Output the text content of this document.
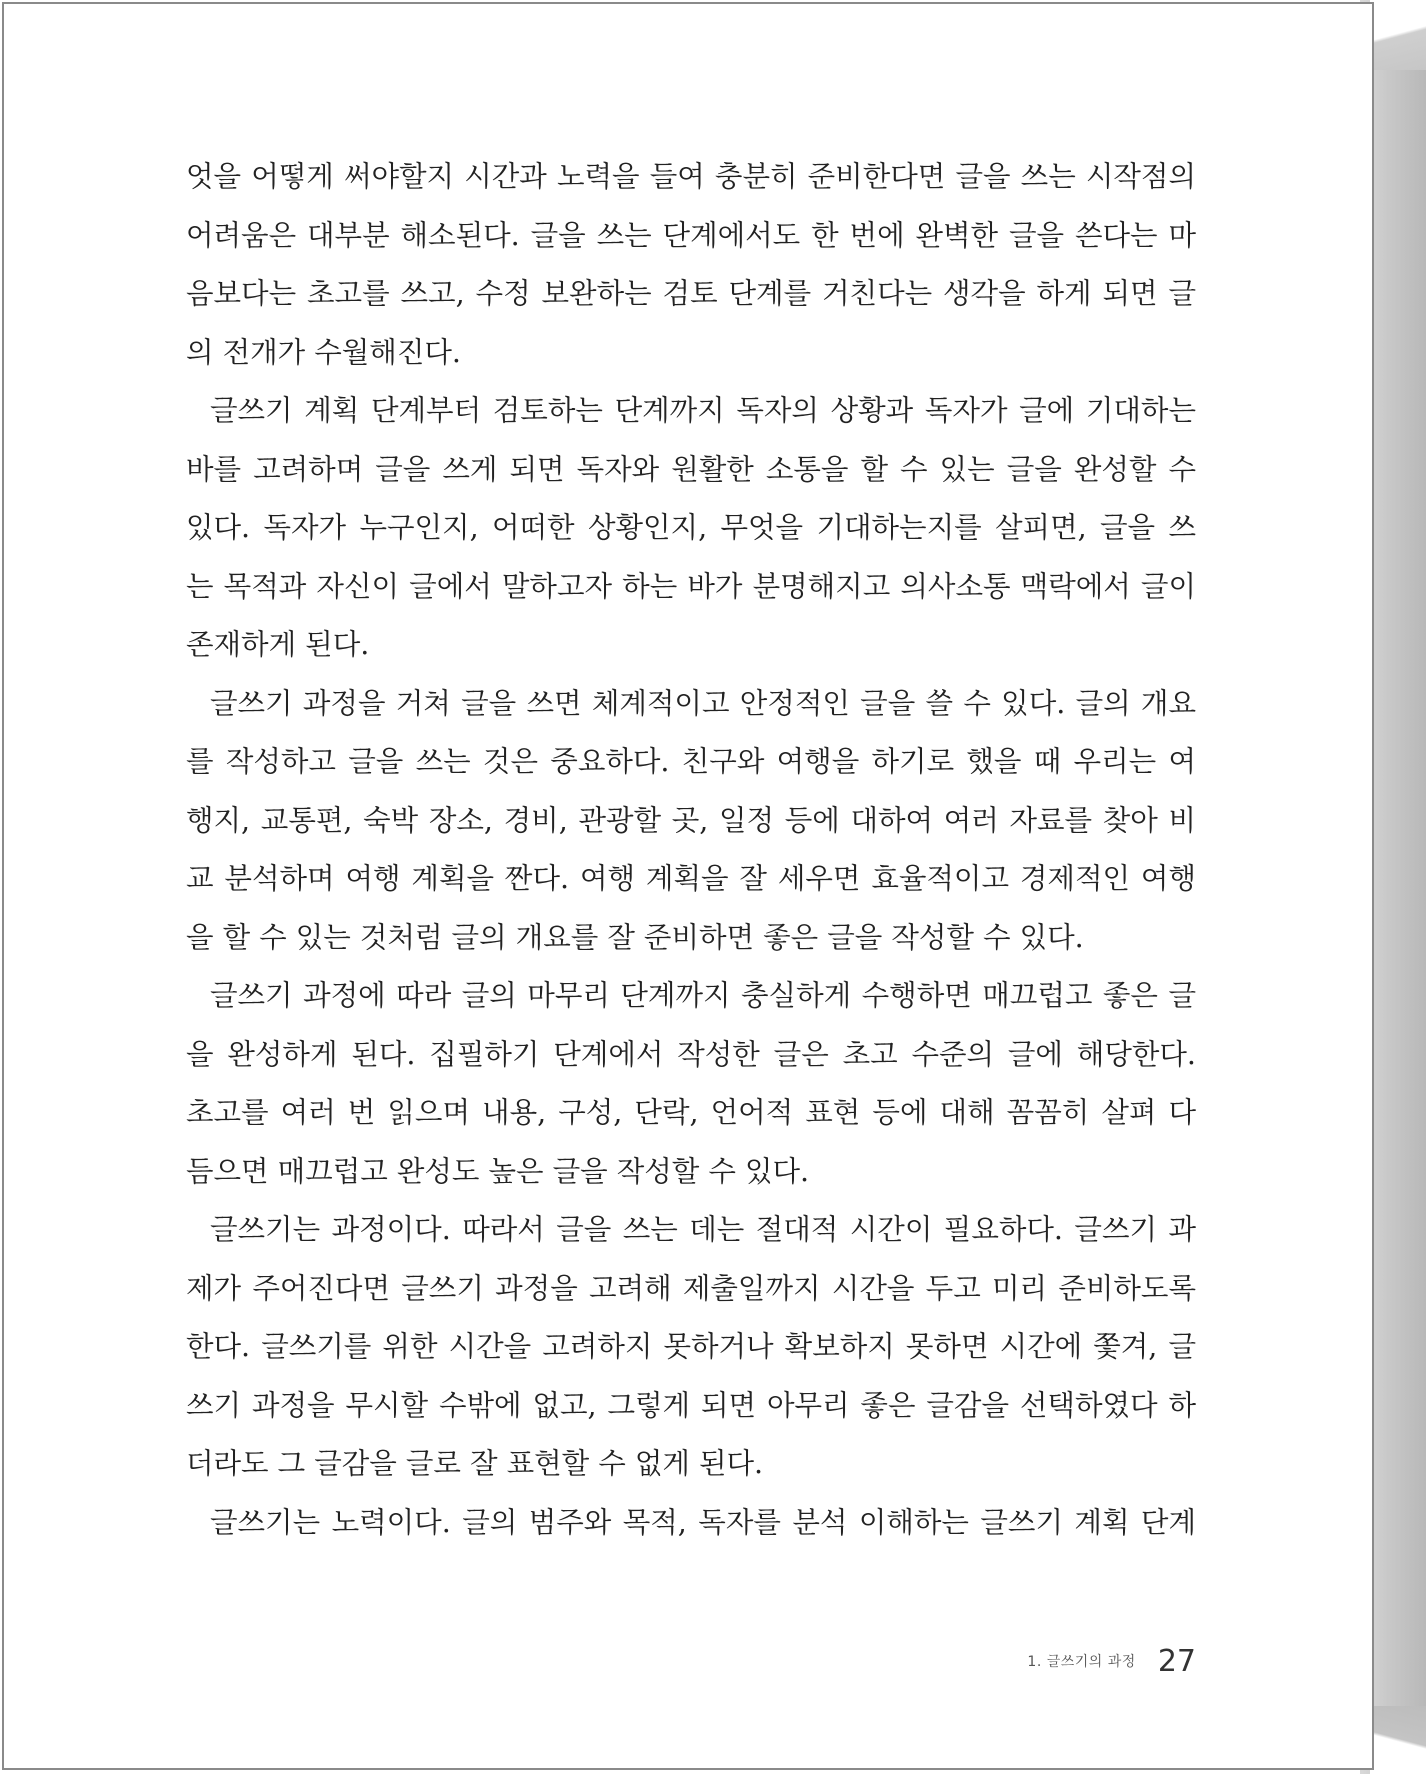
엇을 어떻게 써야할지 시간과 노력을 들여 충분히 준비한다면 글을 쓰는 시작점의
어려움은 대부분 해소된다. 글을 쓰는 단계에서도 한 번에 완벽한 글을 쓴다는 마
음보다는 초고를 쓰고, 수정 보완하는 검토 단계를 거친다는 생각을 하게 되면 글
의 전개가 수월해진다.
글쓰기 계획 단계부터 검토하는 단계까지 독자의 상황과 독자가 글에 기대하는
바를 고려하며 글을 쓰게 되면 독자와 원활한 소통을 할 수 있는 글을 완성할 수
있다. 독자가 누구인지, 어떠한 상황인지, 무엇을 기대하는지를 살피면, 글을 쓰
는 목적과 자신이 글에서 말하고자 하는 바가 분명해지고 의사소통 맥락에서 글이
존재하게 된다.
글쓰기 과정을 거쳐 글을 쓰면 체계적이고 안정적인 글을 쓸 수 있다. 글의 개요
를 작성하고 글을 쓰는 것은 중요하다. 친구와 여행을 하기로 했을 때 우리는 여
행지, 교통편, 숙박 장소, 경비, 관광할 곳, 일정 등에 대하여 여러 자료를 찾아 비
교 분석하며 여행 계획을 짠다. 여행 계획을 잘 세우면 효율적이고 경제적인 여행
을 할 수 있는 것처럼 글의 개요를 잘 준비하면 좋은 글을 작성할 수 있다.
글쓰기 과정에 따라 글의 마무리 단계까지 충실하게 수행하면 매끄럽고 좋은 글
을 완성하게 된다. 집필하기 단계에서 작성한 글은 초고 수준의 글에 해당한다.
초고를 여러 번 읽으며 내용, 구성, 단락, 언어적 표현 등에 대해 꼼꼼히 살펴 다
듬으면 매끄럽고 완성도 높은 글을 작성할 수 있다.
글쓰기는 과정이다. 따라서 글을 쓰는 데는 절대적 시간이 필요하다. 글쓰기 과
제가 주어진다면 글쓰기 과정을 고려해 제출일까지 시간을 두고 미리 준비하도록
한다. 글쓰기를 위한 시간을 고려하지 못하거나 확보하지 못하면 시간에 쫓겨, 글
쓰기 과정을 무시할 수밖에 없고, 그렇게 되면 아무리 좋은 글감을 선택하였다 하
더라도 그 글감을 글로 잘 표현할 수 없게 된다.
글쓰기는 노력이다. 글의 범주와 목적, 독자를 분석 이해하는 글쓰기 계획 단계
1. 글쓰기의 과정 27
